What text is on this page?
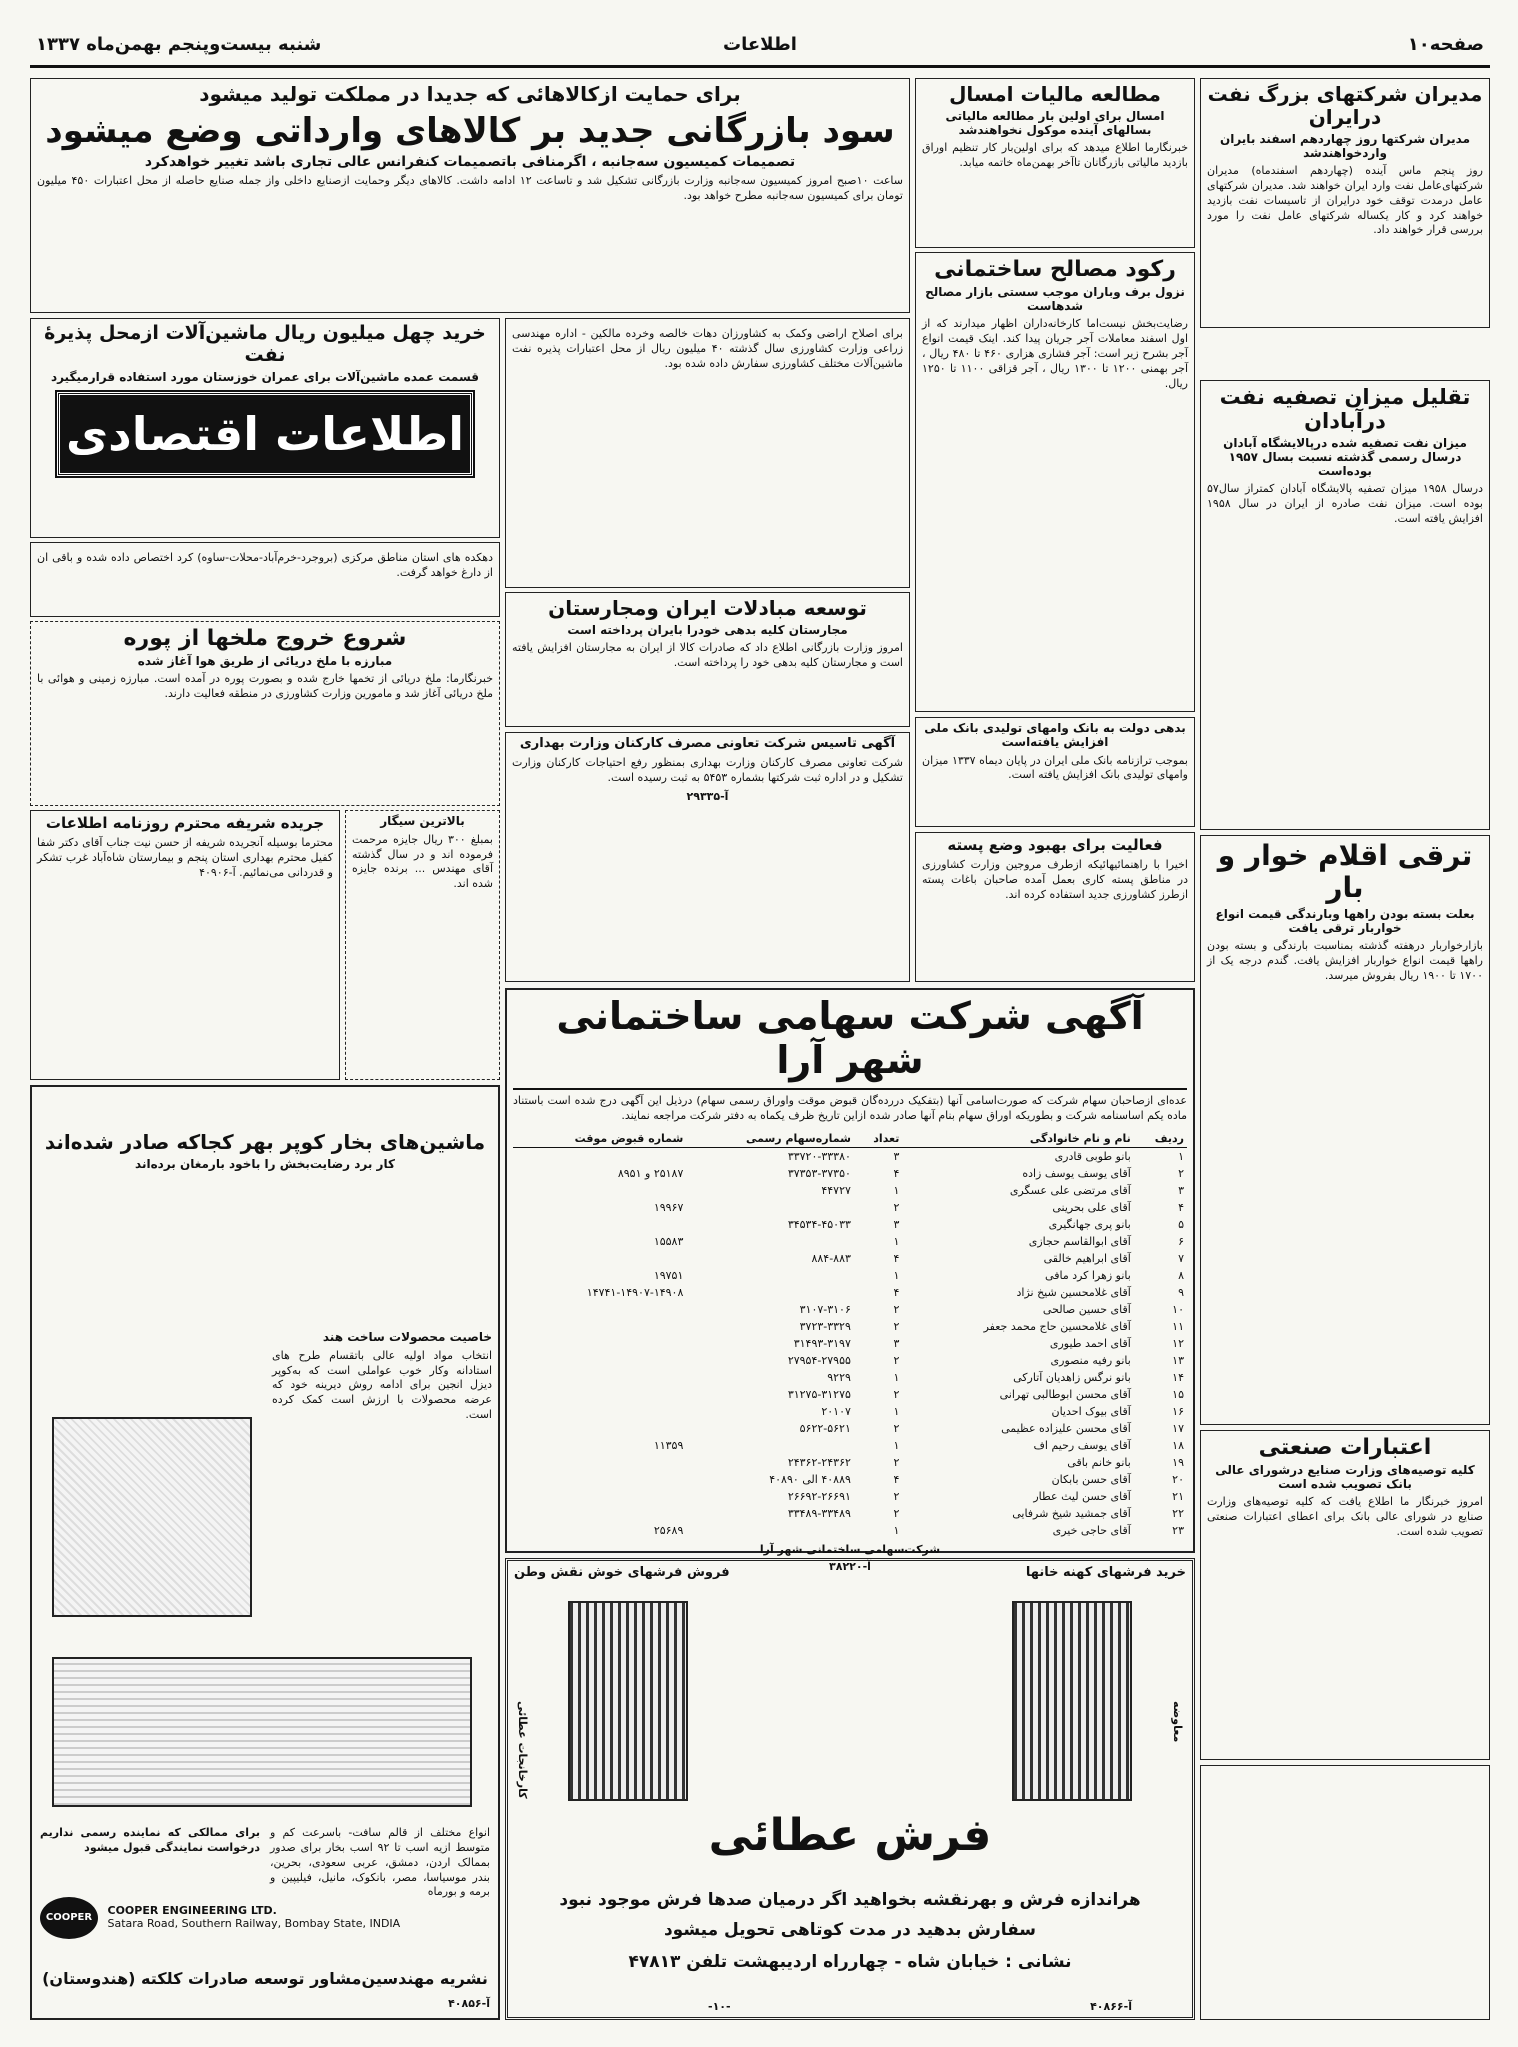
صفحه۱۰
اطلاعات
شنبه بیست‌وپنجم بهمن‌ماه ۱۳۳۷
مدیران شرکتهای بزرگ نفت درایران
مدیران شرکتها روز چهاردهم اسفند بایران واردخواهندشد
روز پنجم ماس آینده (چهاردهم اسفندماه) مدیران شرکتهای‌عامل نفت وارد ایران خواهند شد. مدیران شرکتهای عامل درمدت توقف خود درایران از تاسیسات نفت بازدید خواهند کرد و کار یکساله شرکتهای عامل نفت را مورد بررسی قرار خواهند داد.
تقلیل میزان تصفیه نفت درآبادان
میزان نفت تصفیه شده درپالایشگاه آبادان درسال رسمی گذشته نسبت بسال ۱۹۵۷ بوده‌است
درسال ۱۹۵۸ میزان تصفیه پالایشگاه آبادان کمتراز سال۵۷ بوده است. میزان نفت صادره از ایران در سال ۱۹۵۸ افزایش یافته است.
ترقی اقلام خوار و بار
بعلت بسته بودن راهها وبارندگی قیمت انواع خواربار ترقی یافت
بازارخواربار درهفته گذشته بمناسبت بارندگی و بسته بودن راهها قیمت انواع خواربار افزایش یافت. گندم درجه یک از ۱۷۰۰ تا ۱۹۰۰ ریال بفروش میرسد.
اعتبارات صنعتی
کلیه توصیه‌های وزارت صنایع درشورای عالی بانک تصویب شده است
امروز خبرنگار ما اطلاع یافت که کلیه توصیه‌های وزارت صنایع در شورای عالی بانک برای اعطای اعتبارات صنعتی تصویب شده است.
مطالعه مالیات امسال
امسال برای اولین بار مطالعه مالیاتی بسالهای آینده موکول نخواهندشد
خبرنگارما اطلاع میدهد که برای اولین‌بار کار تنظیم اوراق بازدید مالیاتی بازرگانان تاآخر بهمن‌ماه خاتمه میابد.
رکود مصالح ساختمانی
نزول برف وباران موجب سستی بازار مصالح شدهاست
رضایت‌بخش نیست‌اما کارخانه‌داران اظهار میدارند که از اول اسفند معاملات آجر جریان پیدا کند. اینک قیمت انواع آجر بشرح زیر است: آجر فشاری هزاری ۴۶۰ تا ۴۸۰ ریال ، آجر بهمنی ۱۲۰۰ تا ۱۳۰۰ ریال ، آجر قزاقی ۱۱۰۰ تا ۱۲۵۰ ریال.
بدهی دولت به بانک وامهای تولیدی بانک ملی افزایش یافته‌است
بموجب ترازنامه بانک ملی ایران در پایان دیماه ۱۳۳۷ میزان وامهای تولیدی بانک افزایش یافته است.
فعالیت برای بهبود وضع پسته
اخیرا با راهنمائیهائیکه ازطرف مروجین وزارت کشاورزی در مناطق پسته کاری بعمل آمده صاحبان باغات پسته ازطرز کشاورزی جدید استفاده کرده اند.
برای حمایت ازکالاهائی که جدیدا در مملکت تولید میشود
سود بازرگانی جدید بر کالاهای وارداتی وضع میشود
تصمیمات کمیسیون سه‌جانبه ، اگرمنافی باتصمیمات کنفرانس عالی تجاری باشد تغییر خواهدکرد
ساعت ۱۰صبح امروز کمیسیون سه‌جانبه وزارت بازرگانی تشکیل شد و تاساعت ۱۲ ادامه داشت. کالاهای دیگر وحمایت ازصنایع داخلی واز جمله صنایع حاصله از محل اعتبارات ۴۵۰ میلیون تومان برای کمیسیون سه‌جانبه مطرح خواهد بود.
خرید چهل میلیون ریال ماشین‌آلات ازمحل پذیرهٔ نفت
قسمت عمده ماشین‌آلات برای عمران خوزستان مورد استفاده قرارمیگیرد
اطلاعات اقتصادی
برای اصلاح اراضی وکمک به کشاورزان دهات خالصه وخرده مالکین - اداره مهندسی زراعی وزارت کشاورزی سال گذشته ۴۰ میلیون ریال از محل اعتبارات پذیره نفت ماشین‌آلات مختلف کشاورزی سفارش داده شده بود.
دهکده های استان مناطق مرکزی (بروجرد-خرم‌آباد-محلات-ساوه) کرد اختصاص داده شده و باقی ان از دارغ خواهد گرفت.
شروع خروج ملخها از پوره
مبارزه با ملخ دریائی از طریق هوا آغاز شده
خبرنگارما: ملخ دریائی از تخمها خارج شده و بصورت پوره در آمده است. مبارزه زمینی و هوائی با ملخ دریائی آغاز شد و مامورین وزارت کشاورزی در منطقه فعالیت دارند.
توسعه مبادلات ایران ومجارستان
مجارستان کلیه بدهی خودرا بایران پرداخته است
امروز وزارت بازرگانی اطلاع داد که صادرات کالا از ایران به مجارستان افزایش یافته است و مجارستان کلیه بدهی خود را پرداخته است.
آگهی تاسیس شرکت تعاونی مصرف کارکنان وزارت بهداری
شرکت تعاونی مصرف کارکنان وزارت بهداری بمنظور رفع احتیاجات کارکنان وزارت تشکیل و در اداره ثبت شرکتها بشماره ۵۴۵۳ به ثبت رسیده است.
آ-۲۹۳۳۵
جریده شریفه محترم روزنامه اطلاعات
محترما بوسیله آنجریده شریفه از حسن نیت جناب آقای دکتر شفا کفیل محترم بهداری استان پنجم و بیمارستان شاه‌آباد غرب تشکر و قدردانی می‌نمائیم. آ-۴۰۹۰۶
بالاترین سیگار
بمبلغ ۳۰۰ ریال جایزه مرحمت فرموده اند و در سال گذشته آقای مهندس ... برنده جایزه شده اند.
آگهی شرکت سهامی ساختمانی شهر آرا
عده‌ای ازصاحبان سهام شرکت که صورت‌اسامی آنها (بتفکیک دررده‌گان قبوض موقت واوراق رسمی سهام) درذیل این آگهی درج شده است باستناد ماده یکم اساسنامه شرکت و بطوریکه اوراق سهام بنام آنها صادر شده ازاین تاریخ ظرف یکماه به دفتر شرکت مراجعه نمایند.
ردیف	نام و نام خانوادگی	تعداد	شماره‌سهام رسمی	شماره قبوض موقت
۱	بانو طوبی قادری	۳	۳۳۷۲۰-۳۳۳۸۰	
۲	آقای یوسف یوسف زاده	۴	۳۷۳۵۳-۳۷۳۵۰	۲۵۱۸۷ و ۸۹۵۱
۳	آقای مرتضی علی عسگری	۱	۴۴۷۲۷	
۴	آقای علی بحرینی	۲		۱۹۹۶۷
۵	بانو پری جهانگیری	۳	۳۴۵۳۴-۴۵۰۳۳	
۶	آقای ابوالقاسم حجازی	۱		۱۵۵۸۳
۷	آقای ابراهیم خالقی	۴	۸۸۴-۸۸۳	
۸	بانو زهرا کرد مافی	۱		۱۹۷۵۱
۹	آقای غلامحسین شیخ نژاد	۴		۱۴۷۴۱-۱۴۹۰۷-۱۴۹۰۸
۱۰	آقای حسین صالحی	۲	۳۱۰۷-۳۱۰۶	
۱۱	آقای غلامحسین حاج محمد جعفر	۲	۳۷۲۳-۳۳۲۹	
۱۲	آقای احمد طیوری	۳	۳۱۴۹۳-۳۱۹۷	
۱۳	بانو رفیه منصوری	۲	۲۷۹۵۴-۲۷۹۵۵	
۱۴	بانو نرگس زاهدیان آتارکی	۱	۹۲۲۹	
۱۵	آقای محسن ابوطالبی تهرانی	۲	۳۱۲۷۵-۳۱۲۷۵	
۱۶	آقای بیوک احدیان	۱	۲۰۱۰۷	
۱۷	آقای محسن علیزاده عظیمی	۲	۵۶۲۲-۵۶۲۱	
۱۸	آقای یوسف رحیم اف	۱		۱۱۳۵۹
۱۹	بانو خانم باقی	۲	۲۴۳۶۲-۲۴۳۶۲	
۲۰	آقای حسن بابکان	۴	۴۰۸۸۹ الی ۴۰۸۹۰	
۲۱	آقای حسن لیث عطار	۲	۲۶۶۹۲-۲۶۶۹۱	
۲۲	آقای جمشید شیخ شرفایی	۲	۳۳۴۸۹-۳۳۴۸۹	
۲۳	آقای حاجی خیری	۱		۲۵۶۸۹
شرکت‌سهامی ساختمانی شهر آرا
آ-۳۸۲۲۰
ماشین‌های بخار کوپر بهر کجاکه صادر شده‌اند
کار برد رضایت‌بخش را باخود بارمغان برده‌اند
خاصیت محصولات ساخت هند
انتخاب مواد اولیه عالی باتقسام طرح های استادانه وکار خوب عواملی است که به‌کوپر دیزل انجین برای ادامه روش دیرینه خود که عرضه محصولات با ارزش است کمک کرده است.
انواع مختلف از قالم سافت- باسرعت کم و متوسط ازیه اسب تا ۹۲ اسب بخار برای صدور بممالک اردن، دمشق، عربی سعودی، بحرین، بندر موسیاسا، مصر، بانکوک، مانیل، فیلیپین و برمه و بورماه
برای ممالکی که نماینده رسمی نداریم درخواست نمایندگی قبول میشود
COOPER
COOPER ENGINEERING LTD.
Satara Road, Southern Railway, Bombay State, INDIA
نشریه مهندسین‌مشاور توسعه صادرات کلکته (هندوستان)
آ-۴۰۸۵۶
خرید فرشهای کهنه خانها
فروش فرشهای خوش نقش وطن
فرش عطائی
معاوضه
کارخانجات عطائی
هراندازه فرش و بهرنقشه بخواهید اگر درمیان صدها فرش موجود نبود
سفارش بدهید در مدت کوتاهی تحویل میشود
نشانی : خیابان شاه - چهارراه اردیبهشت تلفن ۴۷۸۱۳
آ-۴۰۸۶۶
-۱۰-
